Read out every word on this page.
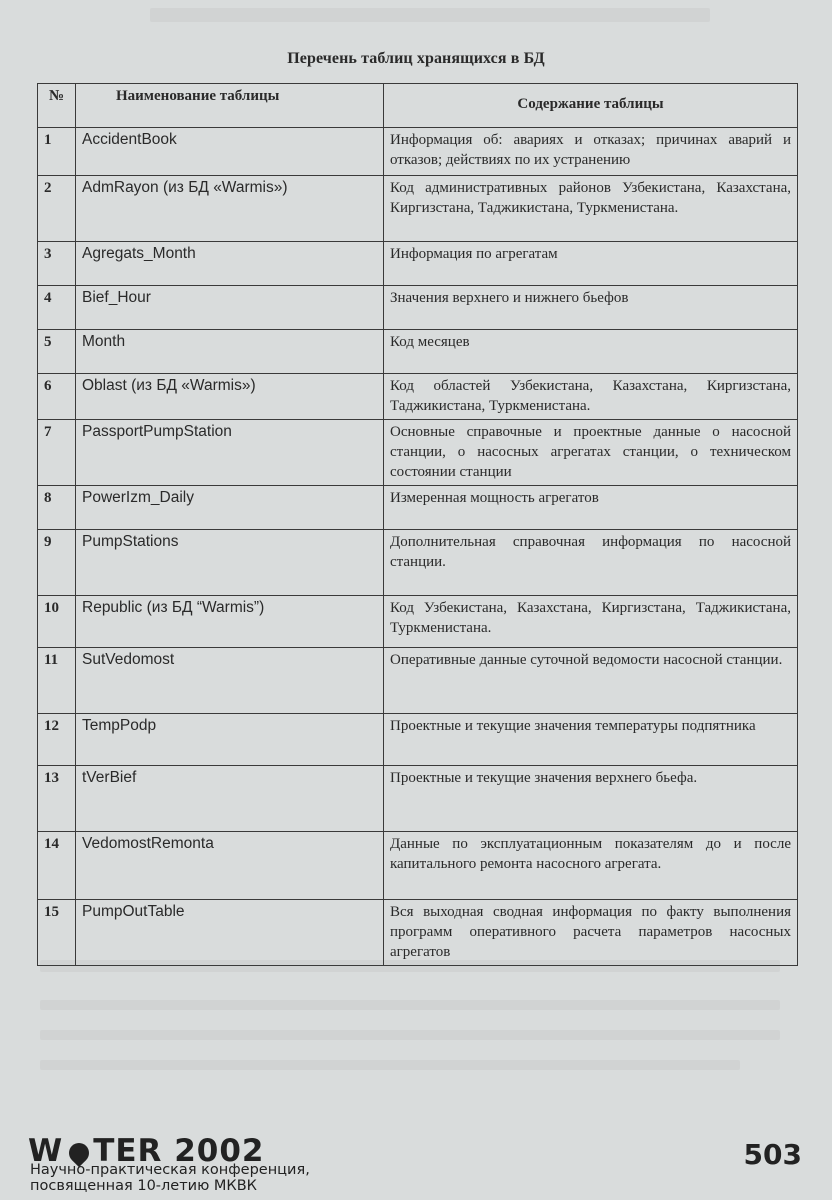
Перечень таблиц хранящихся в БД
№	Наименование таблицы	Содержание таблицы
1	AccidentBook	Информация об: авариях и отказах; причинах аварий и отказов; действиях по их устранению
2	AdmRayon (из БД «Warmis»)	Код административных районов Узбекистана, Казахстана, Киргизстана, Таджикистана, Туркменистана.
3	Agregats_Month	Информация по агрегатам
4	Bief_Hour	Значения верхнего и нижнего бьефов
5	Month	Код месяцев
6	Oblast (из БД «Warmis»)	Код областей Узбекистана, Казахстана, Киргизстана, Таджикистана, Туркменистана.
7	PassportPumpStation	Основные справочные и проектные данные о насосной станции, о насосных агрегатах станции, о техническом состоянии станции
8	PowerIzm_Daily	Измеренная мощность агрегатов
9	PumpStations	Дополнительная справочная информация по насосной станции.
10	Republic (из БД “Warmis”)	Код Узбекистана, Казахстана, Киргизстана, Таджикистана, Туркменистана.
11	SutVedomost	Оперативные данные суточной ведомости насосной станции.
12	TempPodp	Проектные и текущие значения температуры подпятника
13	tVerBief	Проектные и текущие значения верхнего бьефа.
14	VedomostRemonta	Данные по эксплуатационным показателям до и после капитального ремонта насосного агрегата.
15	PumpOutTable	Вся выходная сводная информация по факту выполнения программ оперативного расчета параметров насосных агрегатов
W TER 2002
Научно-практическая конференция,
посвященная 10-летию МКВК
503
